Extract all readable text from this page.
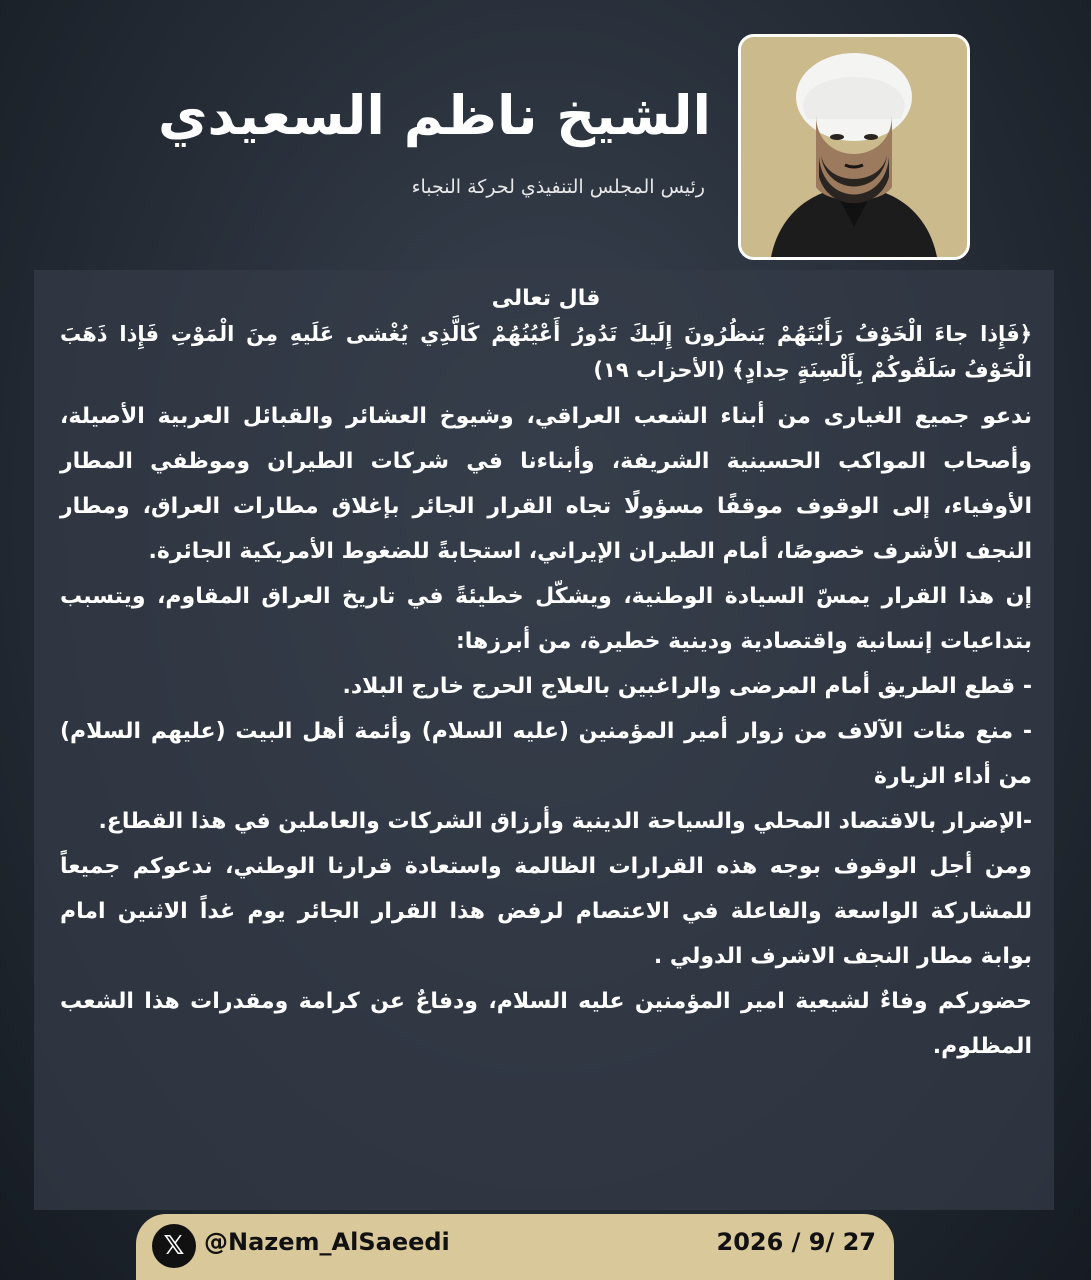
الشيخ ناظم السعيدي
رئيس المجلس التنفيذي لحركة النجباء

قال تعالى

﴿فَإِذا جاءَ الْخَوْفُ رَأَيْتَهُمْ يَنظُرُونَ إِلَيكَ تَدُورُ أَعْيُنُهُمْ كَالَّذِي يُغْشى عَلَيهِ مِنَ الْمَوْتِ فَإِذا ذَهَبَ الْخَوْفُ سَلَقُوكُمْ بِأَلْسِنَةٍ حِدادٍ﴾ (الأحزاب ١٩)

ندعو جميع الغيارى من أبناء الشعب العراقي، وشيوخ العشائر والقبائل العربية الأصيلة، وأصحاب المواكب الحسينية الشريفة، وأبناءنا في شركات الطيران وموظفي المطار الأوفياء، إلى الوقوف موقفًا مسؤولًا تجاه القرار الجائر بإغلاق مطارات العراق، ومطار النجف الأشرف خصوصًا، أمام الطيران الإيراني، استجابةً للضغوط الأمريكية الجائرة.

إن هذا القرار يمسّ السيادة الوطنية، ويشكّل خطيئةً في تاريخ العراق المقاوم، ويتسبب بتداعيات إنسانية واقتصادية ودينية خطيرة، من أبرزها:

- قطع الطريق أمام المرضى والراغبين بالعلاج الحرج خارج البلاد.

- منع مئات الآلاف من زوار أمير المؤمنين (عليه السلام) وأئمة أهل البيت (عليهم السلام) من أداء الزيارة

-الإضرار بالاقتصاد المحلي والسياحة الدينية وأرزاق الشركات والعاملين في هذا القطاع.

ومن أجل الوقوف بوجه هذه القرارات الظالمة واستعادة قرارنا الوطني، ندعوكم جميعاً للمشاركة الواسعة والفاعلة في الاعتصام لرفض هذا القرار الجائر يوم غداً الاثنين امام بوابة مطار النجف الاشرف الدولي .

حضوركم وفاءٌ لشيعية امير المؤمنين عليه السلام، ودفاعٌ عن كرامة ومقدرات هذا الشعب المظلوم.

𝕏 @Nazem_AlSaeedi	2026 / 9/ 27
